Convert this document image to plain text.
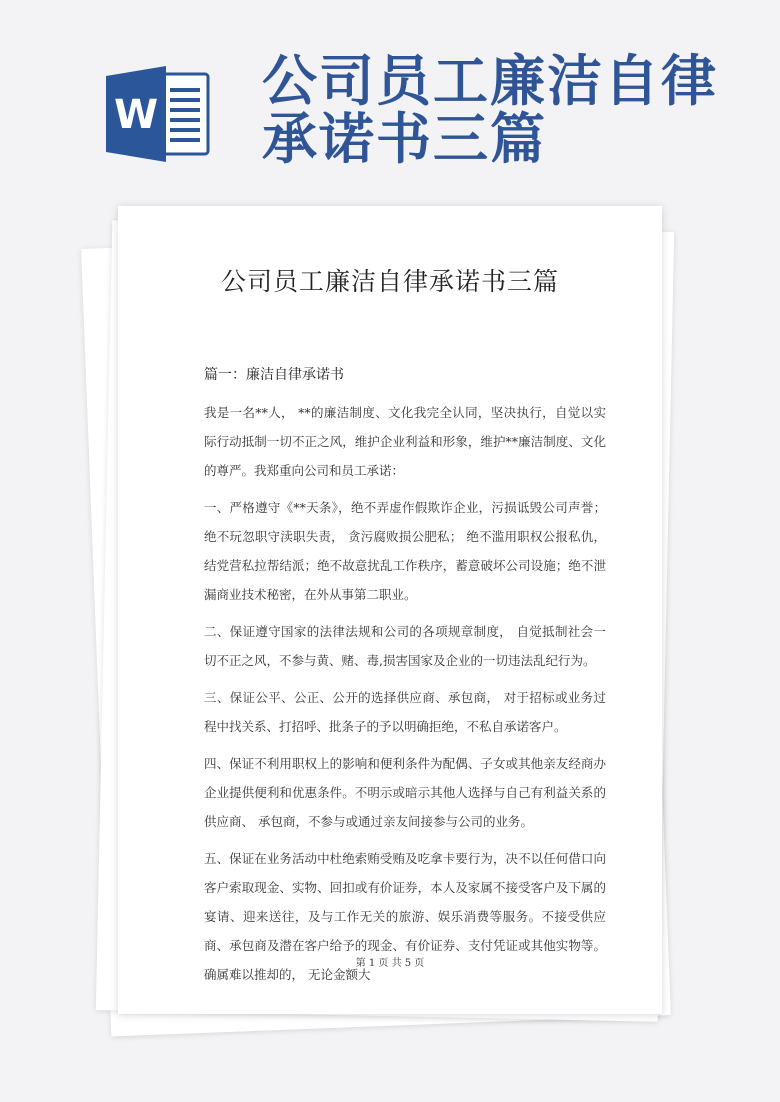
W
公司员工廉洁自律
承诺书三篇
公司员工廉洁自律承诺书三篇
篇一：廉洁自律承诺书

我是一名**人， **的廉洁制度、文化我完全认同，坚决执行，自觉以实际行动抵制一切不正之风，维护企业利益和形象，维护**廉洁制度、文化的尊严。我郑重向公司和员工承诺：

一、严格遵守《**天条》，绝不弄虚作假欺诈企业，污损诋毁公司声誉；绝不玩忽职守渎职失责， 贪污腐败损公肥私； 绝不滥用职权公报私仇， 结党营私拉帮结派；绝不故意扰乱工作秩序，蓄意破坏公司设施；绝不泄漏商业技术秘密，在外从事第二职业。

二、保证遵守国家的法律法规和公司的各项规章制度， 自觉抵制社会一切不正之风，不参与黄、赌、毒,损害国家及企业的一切违法乱纪行为。

三、保证公平、公正、公开的选择供应商、承包商， 对于招标或业务过程中找关系、打招呼、批条子的予以明确拒绝，不私自承诺客户。

四、保证不利用职权上的影响和便利条件为配偶、子女或其他亲友经商办企业提供便利和优惠条件。不明示或暗示其他人选择与自己有利益关系的供应商、 承包商，不参与或通过亲友间接参与公司的业务。

五、保证在业务活动中杜绝索贿受贿及吃拿卡要行为，决不以任何借口向客户索取现金、实物、回扣或有价证券，本人及家属不接受客户及下属的宴请、迎来送往，及与工作无关的旅游、娱乐消费等服务。不接受供应商、承包商及潜在客户给予的现金、有价证券、支付凭证或其他实物等。确属难以推却的， 无论金额大

第 1 页 共 5 页
